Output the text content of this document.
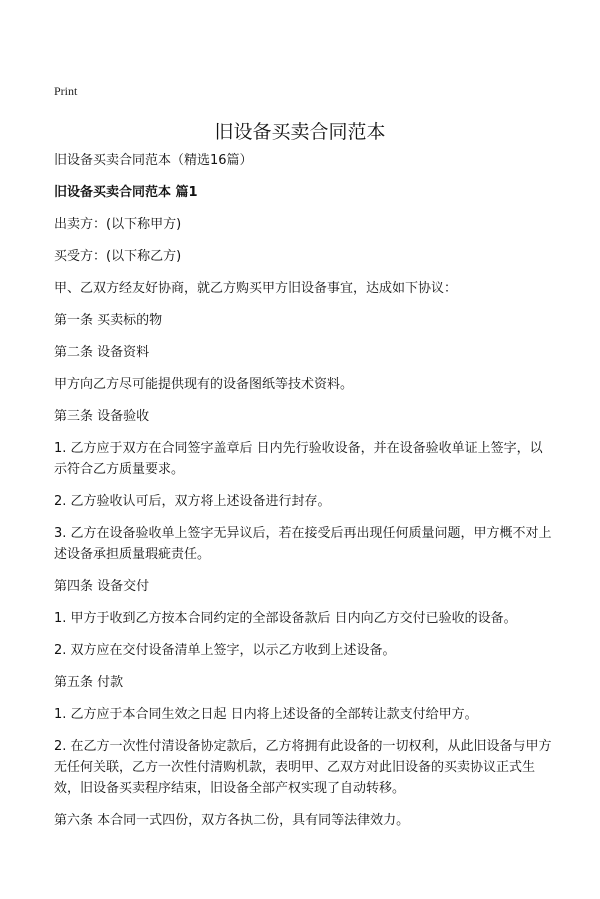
Print
旧设备买卖合同范本

旧设备买卖合同范本（精选16篇）

旧设备买卖合同范本 篇1

出卖方：(以下称甲方)

买受方：(以下称乙方)

甲、乙双方经友好协商，就乙方购买甲方旧设备事宜，达成如下协议：

第一条 买卖标的物

第二条 设备资料

甲方向乙方尽可能提供现有的设备图纸等技术资料。

第三条 设备验收

1. 乙方应于双方在合同签字盖章后 日内先行验收设备，并在设备验收单证上签字，以示符合乙方质量要求。

2. 乙方验收认可后，双方将上述设备进行封存。

3. 乙方在设备验收单上签字无异议后，若在接受后再出现任何质量问题，甲方概不对上述设备承担质量瑕疵责任。

第四条 设备交付

1. 甲方于收到乙方按本合同约定的全部设备款后 日内向乙方交付已验收的设备。

2. 双方应在交付设备清单上签字，以示乙方收到上述设备。

第五条 付款

1. 乙方应于本合同生效之日起 日内将上述设备的全部转让款支付给甲方。

2. 在乙方一次性付清设备协定款后，乙方将拥有此设备的一切权利，从此旧设备与甲方无任何关联，乙方一次性付清购机款，表明甲、乙双方对此旧设备的买卖协议正式生效，旧设备买卖程序结束，旧设备全部产权实现了自动转移。

第六条 本合同一式四份，双方各执二份，具有同等法律效力。
